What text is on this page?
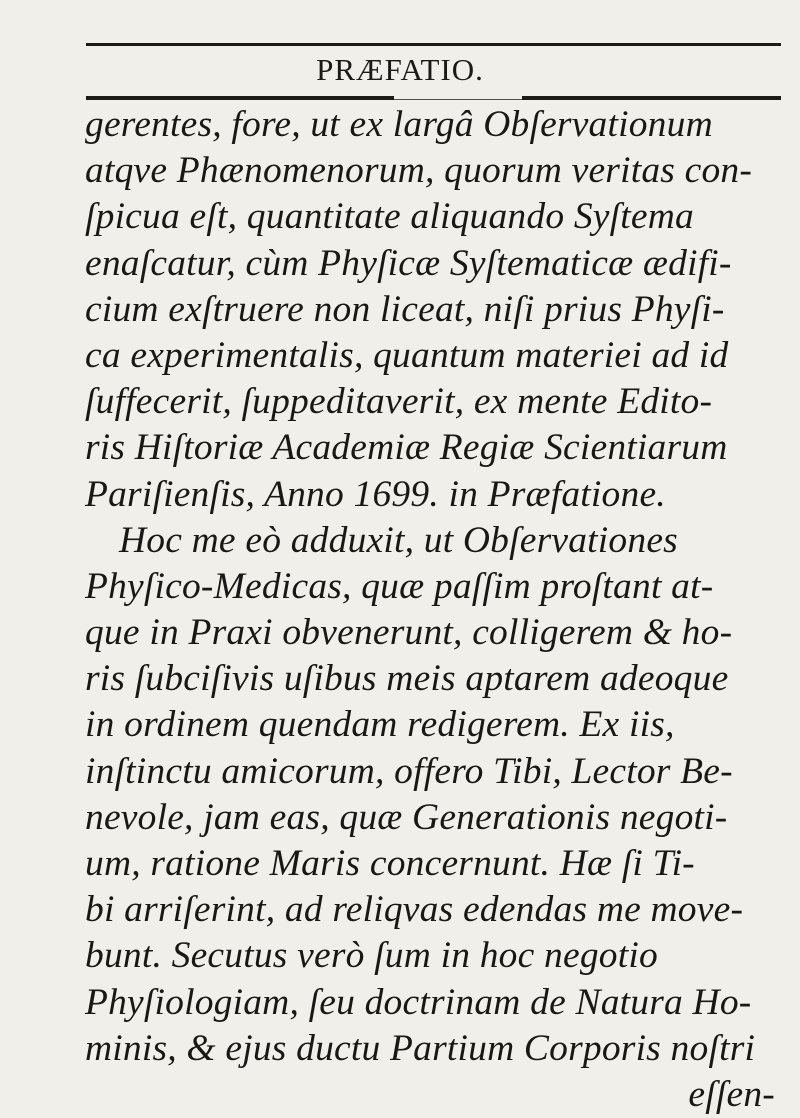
PRÆFATIO.
gerentes, fore, ut ex largâ Obſervationum
atqve Phænomenorum, quorum veritas con-
ſpicua eſt, quantitate aliquando Syſtema
enaſcatur, cùm Phyſicæ Syſtematicæ ædifi-
cium exſtruere non liceat, niſi prius Phyſi-
ca experimentalis, quantum materiei ad id
ſuffecerit, ſuppeditaverit, ex mente Edito-
ris Hiſtoriæ Academiæ Regiæ Scientiarum
Pariſienſis, Anno 1699. in Præfatione.
Hoc me eò adduxit, ut Obſervationes
Phyſico-Medicas, quæ paſſim proſtant at-
que in Praxi obvenerunt, colligerem & ho-
ris ſubciſivis uſibus meis aptarem adeoque
in ordinem quendam redigerem. Ex iis,
inſtinctu amicorum, offero Tibi, Lector Be-
nevole, jam eas, quæ Generationis negoti-
um, ratione Maris concernunt. Hæ ſi Ti-
bi arriſerint, ad reliqvas edendas me move-
bunt. Secutus verò ſum in hoc negotio
Phyſiologiam, ſeu doctrinam de Natura Ho-
minis, & ejus ductu Partium Corporis noſtri
eſſen-
